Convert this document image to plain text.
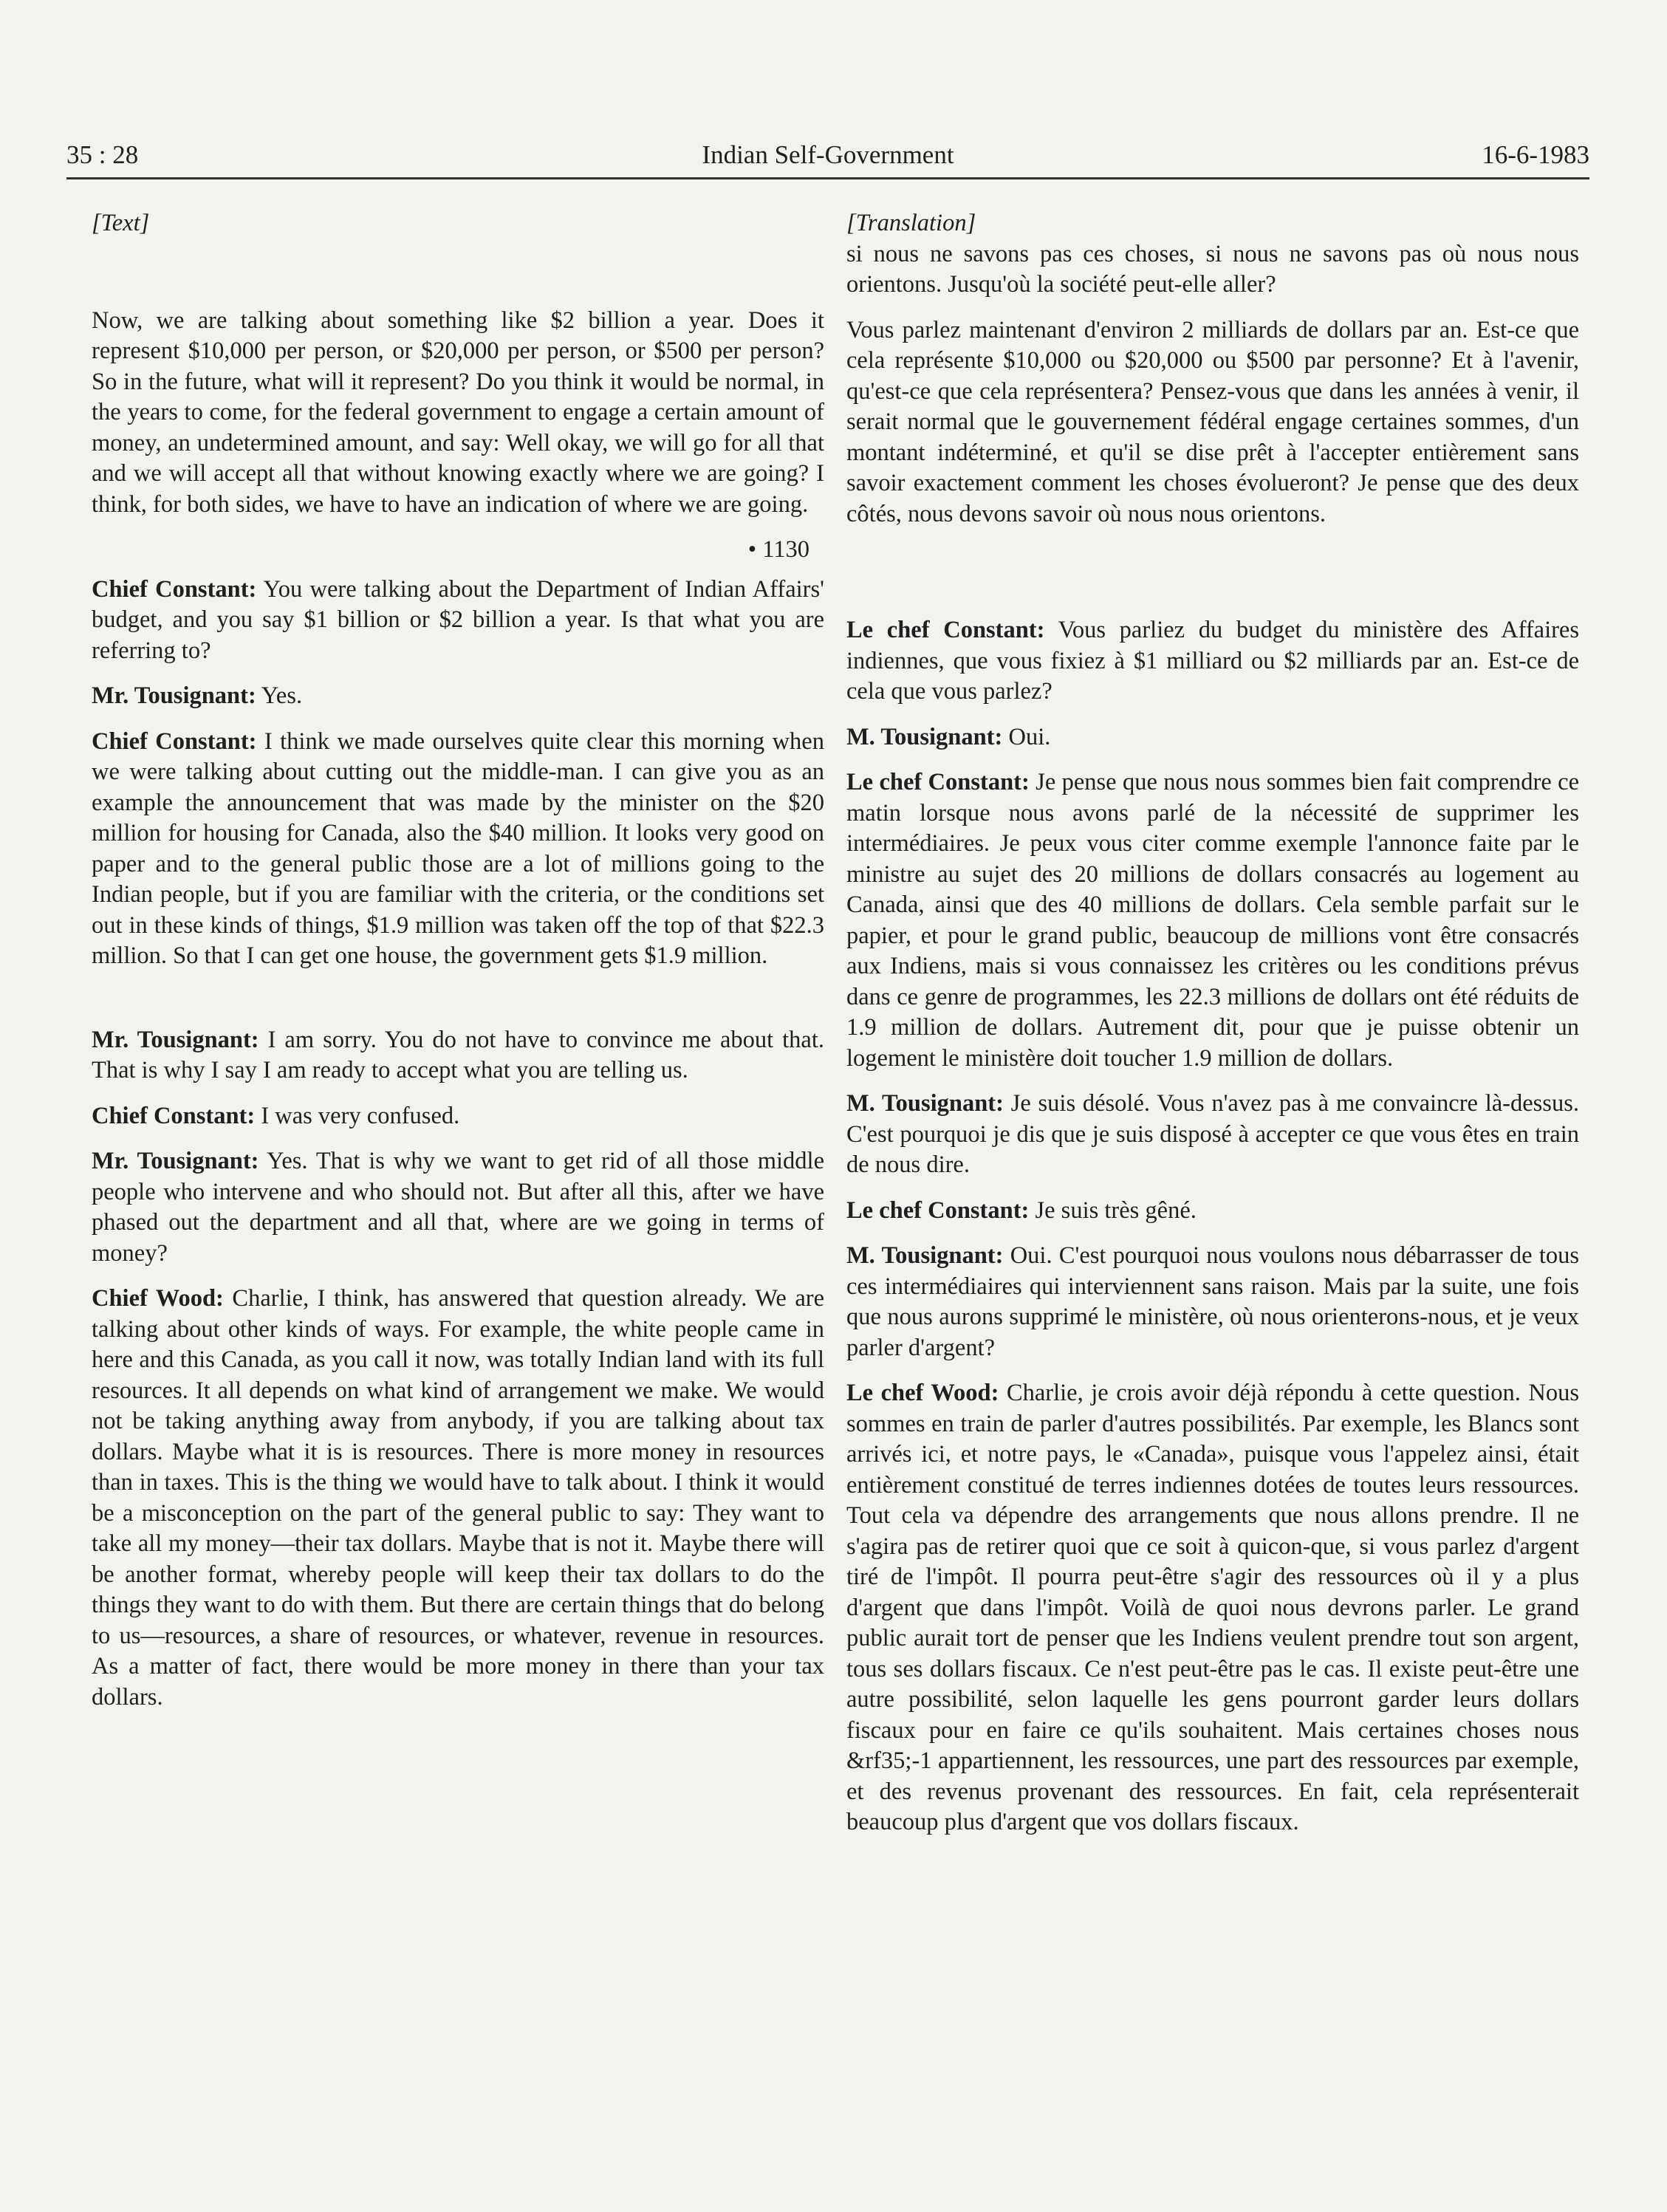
35 : 28	Indian Self-Government	16-6-1983
[Text]

Now, we are talking about something like $2 billion a year. Does it represent $10,000 per person, or $20,000 per person, or $500 per person? So in the future, what will it represent? Do you think it would be normal, in the years to come, for the federal government to engage a certain amount of money, an undetermined amount, and say: Well okay, we will go for all that and we will accept all that without knowing exactly where we are going? I think, for both sides, we have to have an indication of where we are going.

• 1130

Chief Constant: You were talking about the Department of Indian Affairs' budget, and you say $1 billion or $2 billion a year. Is that what you are referring to?

Mr. Tousignant: Yes.

Chief Constant: I think we made ourselves quite clear this morning when we were talking about cutting out the middle-man. I can give you as an example the announcement that was made by the minister on the $20 million for housing for Canada, also the $40 million. It looks very good on paper and to the general public those are a lot of millions going to the Indian people, but if you are familiar with the criteria, or the conditions set out in these kinds of things, $1.9 million was taken off the top of that $22.3 million. So that I can get one house, the government gets $1.9 million.

Mr. Tousignant: I am sorry. You do not have to convince me about that. That is why I say I am ready to accept what you are telling us.

Chief Constant: I was very confused.

Mr. Tousignant: Yes. That is why we want to get rid of all those middle people who intervene and who should not. But after all this, after we have phased out the department and all that, where are we going in terms of money?

Chief Wood: Charlie, I think, has answered that question already. We are talking about other kinds of ways. For example, the white people came in here and this Canada, as you call it now, was totally Indian land with its full resources. It all depends on what kind of arrangement we make. We would not be taking anything away from anybody, if you are talking about tax dollars. Maybe what it is is resources. There is more money in resources than in taxes. This is the thing we would have to talk about. I think it would be a misconception on the part of the general public to say: They want to take all my money—their tax dollars. Maybe that is not it. Maybe there will be another format, whereby people will keep their tax dollars to do the things they want to do with them. But there are certain things that do belong to us—resources, a share of resources, or whatever, revenue in resources. As a matter of fact, there would be more money in there than your tax dollars.

[Translation]

si nous ne savons pas ces choses, si nous ne savons pas où nous nous orientons. Jusqu'où la société peut-elle aller?

Vous parlez maintenant d'environ 2 milliards de dollars par an. Est-ce que cela représente $10,000 ou $20,000 ou $500 par personne? Et à l'avenir, qu'est-ce que cela représentera? Pensez-vous que dans les années à venir, il serait normal que le gouvernement fédéral engage certaines sommes, d'un montant indéterminé, et qu'il se dise prêt à l'accepter entièrement sans savoir exactement comment les choses évolueront? Je pense que des deux côtés, nous devons savoir où nous nous orientons.

Le chef Constant: Vous parliez du budget du ministère des Affaires indiennes, que vous fixiez à $1 milliard ou $2 milliards par an. Est-ce de cela que vous parlez?

M. Tousignant: Oui.

Le chef Constant: Je pense que nous nous sommes bien fait comprendre ce matin lorsque nous avons parlé de la nécessité de supprimer les intermédiaires. Je peux vous citer comme exemple l'annonce faite par le ministre au sujet des 20 millions de dollars consacrés au logement au Canada, ainsi que des 40 millions de dollars. Cela semble parfait sur le papier, et pour le grand public, beaucoup de millions vont être consacrés aux Indiens, mais si vous connaissez les critères ou les conditions prévus dans ce genre de programmes, les 22.3 millions de dollars ont été réduits de 1.9 million de dollars. Autrement dit, pour que je puisse obtenir un logement le ministère doit toucher 1.9 million de dollars.

M. Tousignant: Je suis désolé. Vous n'avez pas à me convaincre là-dessus. C'est pourquoi je dis que je suis disposé à accepter ce que vous êtes en train de nous dire.

Le chef Constant: Je suis très gêné.

M. Tousignant: Oui. C'est pourquoi nous voulons nous débarrasser de tous ces intermédiaires qui interviennent sans raison. Mais par la suite, une fois que nous aurons supprimé le ministère, où nous orienterons-nous, et je veux parler d'argent?

Le chef Wood: Charlie, je crois avoir déjà répondu à cette question. Nous sommes en train de parler d'autres possibilités. Par exemple, les Blancs sont arrivés ici, et notre pays, le «Canada», puisque vous l'appelez ainsi, était entièrement constitué de terres indiennes dotées de toutes leurs ressources. Tout cela va dépendre des arrangements que nous allons prendre. Il ne s'agira pas de retirer quoi que ce soit à quicon-que, si vous parlez d'argent tiré de l'impôt. Il pourra peut-être s'agir des ressources où il y a plus d'argent que dans l'impôt. Voilà de quoi nous devrons parler. Le grand public aurait tort de penser que les Indiens veulent prendre tout son argent, tous ses dollars fiscaux. Ce n'est peut-être pas le cas. Il existe peut-être une autre possibilité, selon laquelle les gens pourront garder leurs dollars fiscaux pour en faire ce qu'ils souhaitent. Mais certaines choses nous &rf35;-1 appartiennent, les ressources, une part des ressources par exemple, et des revenus provenant des ressources. En fait, cela représenterait beaucoup plus d'argent que vos dollars fiscaux.
